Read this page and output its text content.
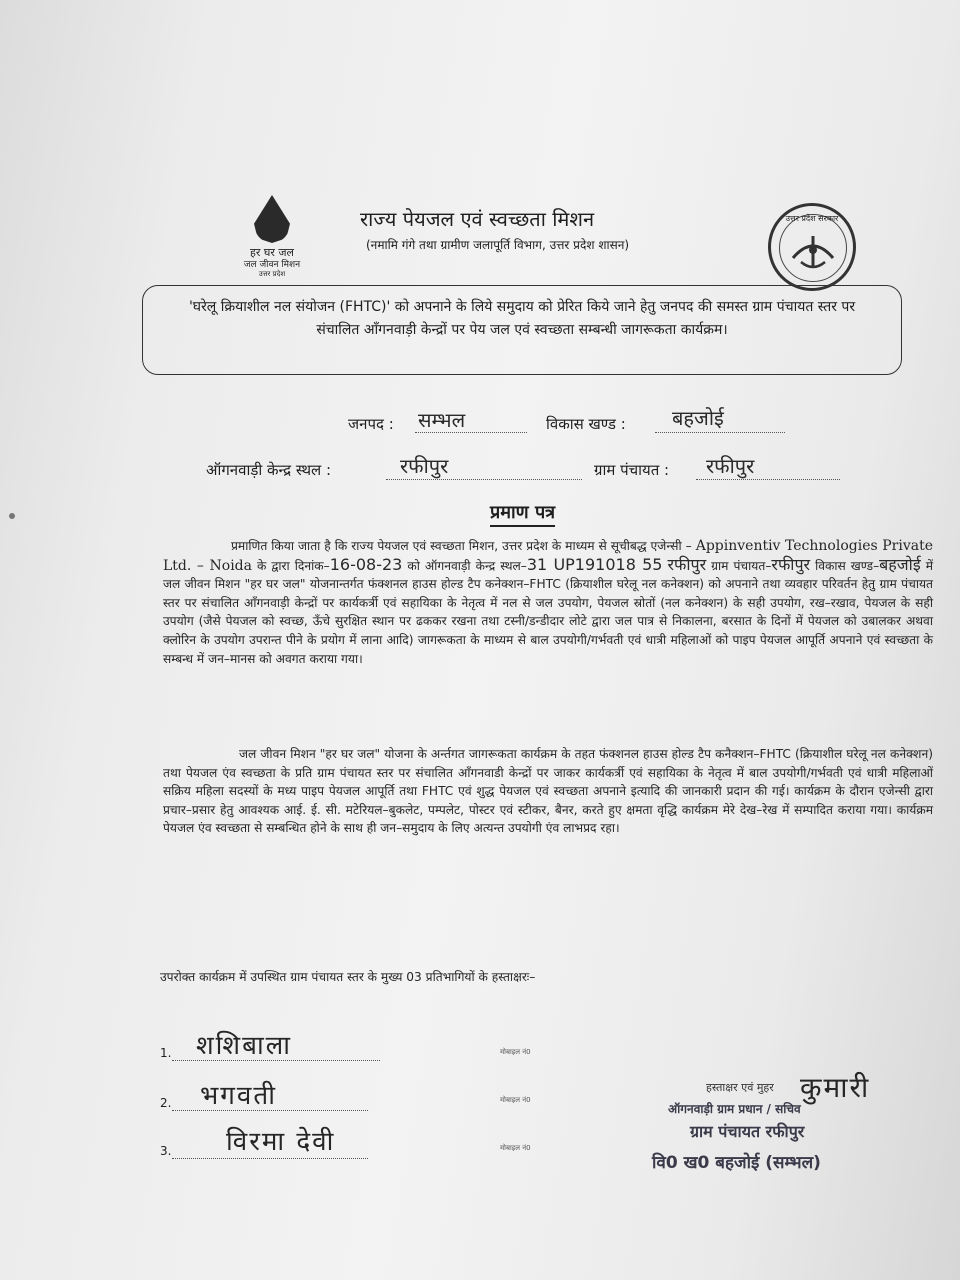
हर घर जल
जल जीवन मिशन
उत्तर प्रदेश
राज्य पेयजल एवं स्वच्छता मिशन
(नमामि गंगे तथा ग्रामीण जलापूर्ति विभाग, उत्तर प्रदेश शासन)
उत्तर प्रदेश सरकार
'घरेलू क्रियाशील नल संयोजन (FHTC)' को अपनाने के लिये समुदाय को प्रेरित किये जाने हेतु जनपद की समस्त ग्राम पंचायत स्तर पर संचालित आँगनवाड़ी केन्द्रों पर पेय जल एवं स्वच्छता सम्बन्धी जागरूकता कार्यक्रम।
जनपद : सम्भल	विकास खण्ड : बहजोई
ऑगनवाड़ी केन्द्र स्थल :	रफीपुर	ग्राम पंचायत : रफीपुर
प्रमाण पत्र
प्रमाणित किया जाता है कि राज्य पेयजल एवं स्वच्छता मिशन, उत्तर प्रदेश के माध्यम से सूचीबद्ध एजेन्सी – Appinventiv Technologies Private Ltd. – Noida के द्वारा दिनांक–16-08-23 को ऑगनवाड़ी केन्द्र स्थल–31 UP191018 55 रफीपुर ग्राम पंचायत–रफीपुर विकास खण्ड–बहजोई में जल जीवन मिशन "हर घर जल" योजनान्तर्गत फंक्शनल हाउस होल्ड टैप कनेक्शन–FHTC (क्रियाशील घरेलू नल कनेक्शन) को अपनाने तथा व्यवहार परिवर्तन हेतु ग्राम पंचायत स्तर पर संचालित आँगनवाड़ी केन्द्रों पर कार्यकर्त्री एवं सहायिका के नेतृत्व में नल से जल उपयोग, पेयजल स्रोतों (नल कनेक्शन) के सही उपयोग, रख–रखाव, पेयजल के सही उपयोग (जैसे पेयजल को स्वच्छ, ऊँचे सुरक्षित स्थान पर ढककर रखना तथा टस्नी/डन्डीदार लोटे द्वारा जल पात्र से निकालना, बरसात के दिनों में पेयजल को उबालकर अथवा क्लोरिन के उपयोग उपरान्त पीने के प्रयोग में लाना आदि) जागरूकता के माध्यम से बाल उपयोगी/गर्भवती एवं धात्री महिलाओं को पाइप पेयजल आपूर्ति अपनाने एवं स्वच्छता के सम्बन्ध में जन–मानस को अवगत कराया गया।
जल जीवन मिशन "हर घर जल" योजना के अर्न्तगत जागरूकता कार्यक्रम के तहत फंक्शनल हाउस होल्ड टैप कनैक्शन–FHTC (क्रियाशील घरेलू नल कनेक्शन) तथा पेयजल एंव स्वच्छता के प्रति ग्राम पंचायत स्तर पर संचालित आँगनवाडी केन्द्रों पर जाकर कार्यकर्त्री एवं सहायिका के नेतृत्व में बाल उपयोगी/गर्भवती एवं धात्री महिलाओं सक्रिय महिला सदस्यों के मध्य पाइप पेयजल आपूर्ति तथा FHTC एवं शुद्ध पेयजल एवं स्वच्छता अपनाने इत्यादि की जानकारी प्रदान की गई। कार्यक्रम के दौरान एजेन्सी द्वारा प्रचार–प्रसार हेतु आवश्यक आई. ई. सी. मटेरियल–बुकलेट, पम्पलेट, पोस्टर एवं स्टीकर, बैनर, करते हुए क्षमता वृद्धि कार्यक्रम मेरे देख–रेख में सम्पादित कराया गया। कार्यक्रम पेयजल एंव स्वच्छता से सम्बन्धित होने के साथ ही जन–समुदाय के लिए अत्यन्त उपयोगी एंव लाभप्रद रहा।
उपरोक्त कार्यक्रम में उपस्थित ग्राम पंचायत स्तर के मुख्य 03 प्रतिभागियों के हस्ताक्षरः–
1. शशिबाला	मोबाइल नं0
2. भगवती	मोबाइल नं0
3. विरमा देवी	मोबाइल नं0
हस्ताक्षर एवं मुहर
ऑगनवाड़ी ग्राम प्रधान / सचिव
ग्राम पंचायत रफीपुर
वि0 ख0 बहजोई (सम्भल)
कुमारी
